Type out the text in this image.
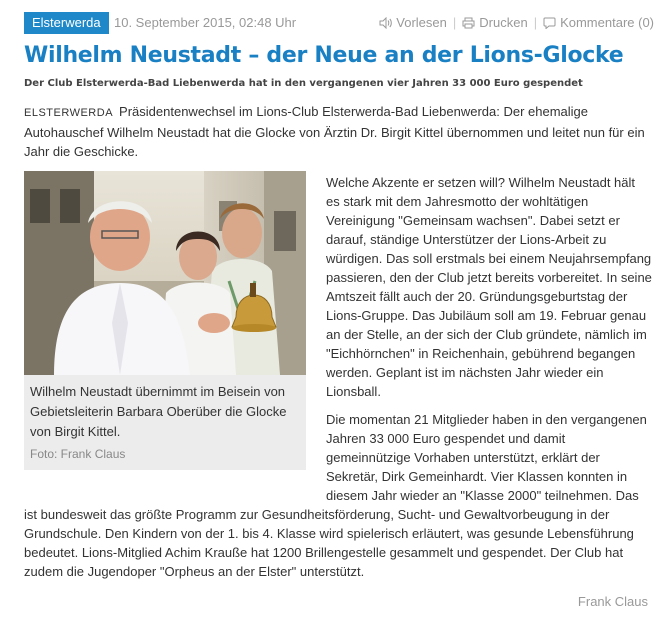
Elsterwerda	10. September 2015, 02:48 Uhr	Vorlesen | Drucken | Kommentare (0)
Wilhelm Neustadt – der Neue an der Lions-Glocke
Der Club Elsterwerda-Bad Liebenwerda hat in den vergangenen vier Jahren 33 000 Euro gespendet

ELSTERWERDA Präsidentenwechsel im Lions-Club Elsterwerda-Bad Liebenwerda: Der ehemalige Autohauschef Wilhelm Neustadt hat die Glocke von Ärztin Dr. Birgit Kittel übernommen und leitet nun für ein Jahr die Geschicke.

Wilhelm Neustadt übernimmt im Beisein von Gebietsleiterin Barbara Oberüber die Glocke von Birgit Kittel.

Foto: Frank Claus

Welche Akzente er setzen will? Wilhelm Neustadt hält es stark mit dem Jahresmotto der wohltätigen Vereinigung "Gemeinsam wachsen". Dabei setzt er darauf, ständige Unterstützer der Lions-Arbeit zu würdigen. Das soll erstmals bei einem Neujahrsempfang passieren, den der Club jetzt bereits vorbereitet. In seine Amtszeit fällt auch der 20. Gründungsgeburtstag der Lions-Gruppe. Das Jubiläum soll am 19. Februar genau an der Stelle, an der sich der Club gründete, nämlich im "Eichhörnchen" in Reichenhain, gebührend begangen werden. Geplant ist im nächsten Jahr wieder ein Lionsball.

Die momentan 21 Mitglieder haben in den vergangenen Jahren 33 000 Euro gespendet und damit gemeinnützige Vorhaben unterstützt, erklärt der Sekretär, Dirk Gemeinhardt. Vier Klassen konnten in diesem Jahr wieder an "Klasse 2000" teilnehmen. Das

ist bundesweit das größte Programm zur Gesundheitsförderung, Sucht- und Gewaltvorbeugung in der Grundschule. Den Kindern von der 1. bis 4. Klasse wird spielerisch erläutert, was gesunde Lebensführung bedeutet. Lions-Mitglied Achim Krauße hat 1200 Brillengestelle gesammelt und gespendet. Der Club hat zudem die Jugendoper "Orpheus an der Elster" unterstützt.

Frank Claus
